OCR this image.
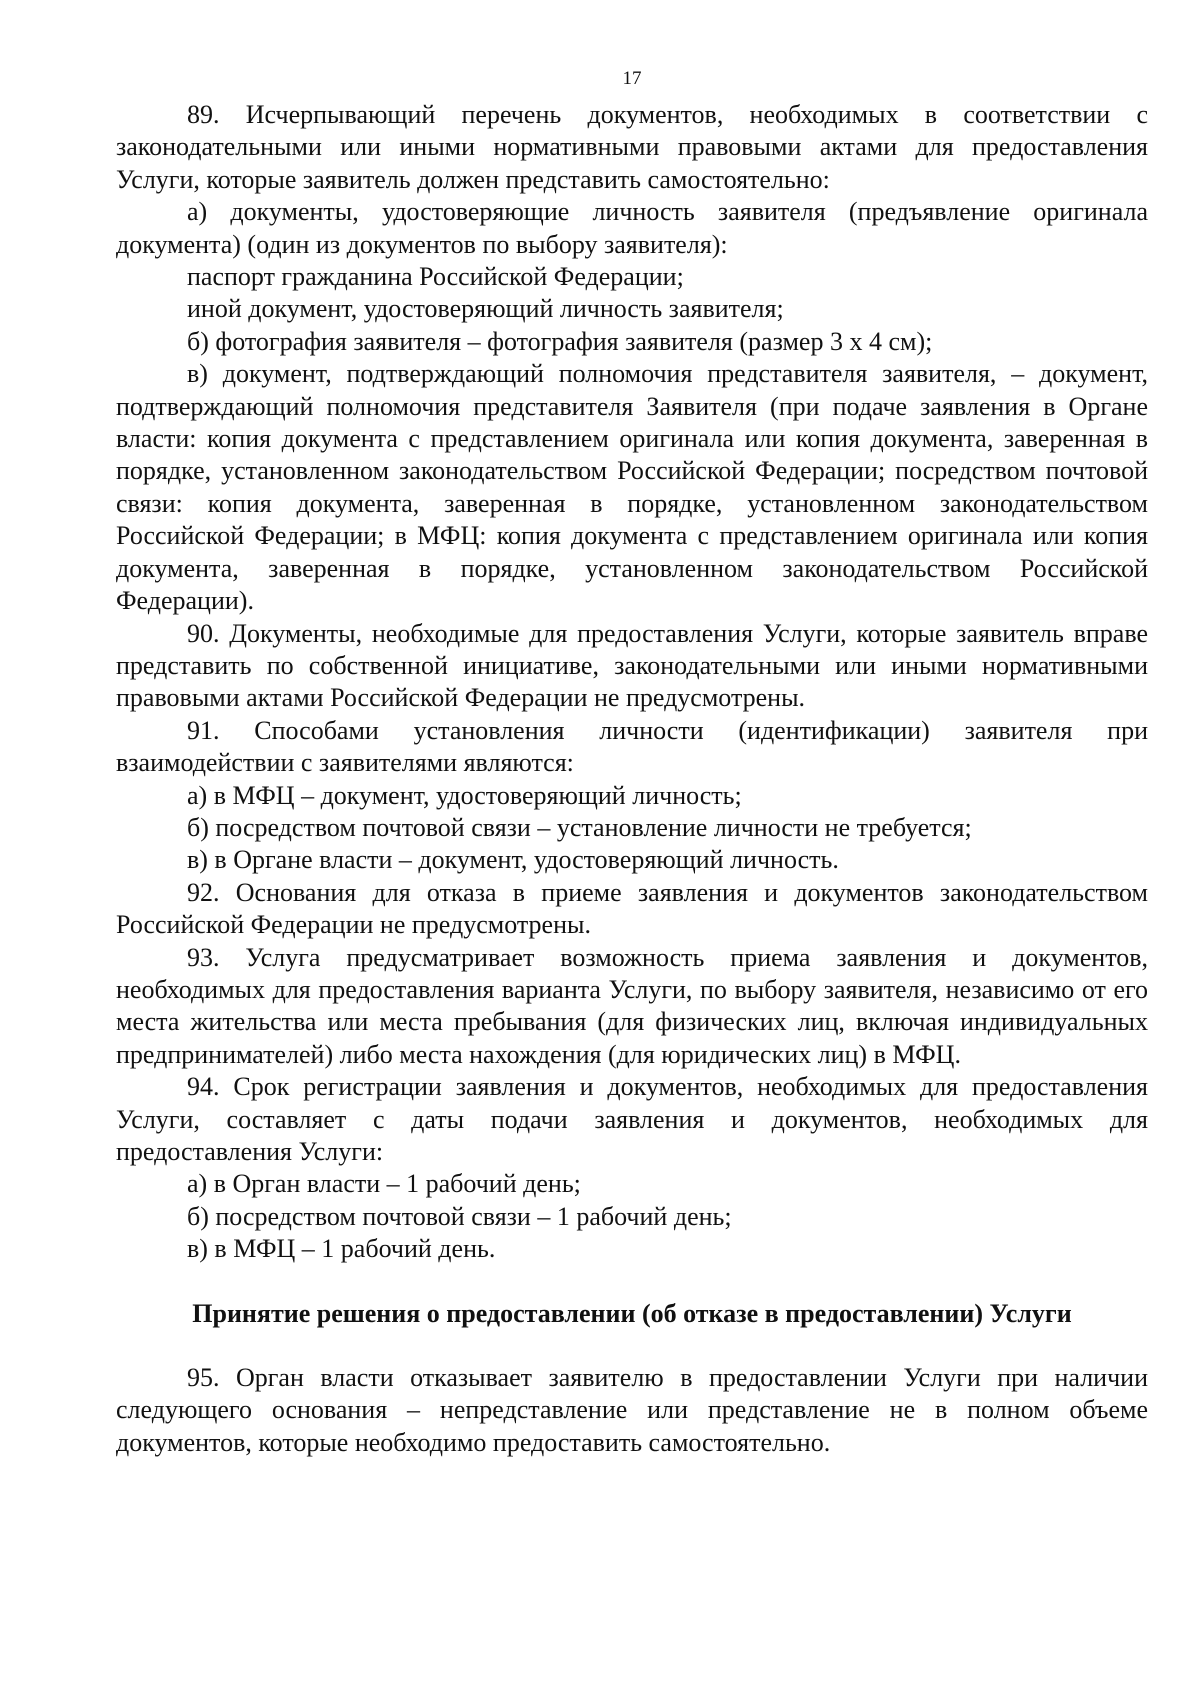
17

89. Исчерпывающий перечень документов, необходимых в соответствии с законодательными или иными нормативными правовыми актами для предоставления Услуги, которые заявитель должен представить самостоятельно:

а) документы, удостоверяющие личность заявителя (предъявление оригинала документа) (один из документов по выбору заявителя):

паспорт гражданина Российской Федерации;

иной документ, удостоверяющий личность заявителя;

б) фотография заявителя – фотография заявителя (размер 3 х 4 см);

в) документ, подтверждающий полномочия представителя заявителя, – документ, подтверждающий полномочия представителя Заявителя (при подаче заявления в Органе власти: копия документа с представлением оригинала или копия документа, заверенная в порядке, установленном законодательством Российской Федерации; посредством почтовой связи: копия документа, заверенная в порядке, установленном законодательством Российской Федерации; в МФЦ: копия документа с представлением оригинала или копия документа, заверенная в порядке, установленном законодательством Российской Федерации).

90. Документы, необходимые для предоставления Услуги, которые заявитель вправе представить по собственной инициативе, законодательными или иными нормативными правовыми актами Российской Федерации не предусмотрены.

91. Способами установления личности (идентификации) заявителя при взаимодействии с заявителями являются:

а) в МФЦ – документ, удостоверяющий личность;

б) посредством почтовой связи – установление личности не требуется;

в) в Органе власти – документ, удостоверяющий личность.

92. Основания для отказа в приеме заявления и документов законодательством Российской Федерации не предусмотрены.

93. Услуга предусматривает возможность приема заявления и документов, необходимых для предоставления варианта Услуги, по выбору заявителя, независимо от его места жительства или места пребывания (для физических лиц, включая индивидуальных предпринимателей) либо места нахождения (для юридических лиц) в МФЦ.

94. Срок регистрации заявления и документов, необходимых для предоставления Услуги, составляет с даты подачи заявления и документов, необходимых для предоставления Услуги:

а) в Орган власти – 1 рабочий день;

б) посредством почтовой связи – 1 рабочий день;

в) в МФЦ – 1 рабочий день.

Принятие решения о предоставлении (об отказе в предоставлении) Услуги

95. Орган власти отказывает заявителю в предоставлении Услуги при наличии следующего основания – непредставление или представление не в полном объеме документов, которые необходимо предоставить самостоятельно.
